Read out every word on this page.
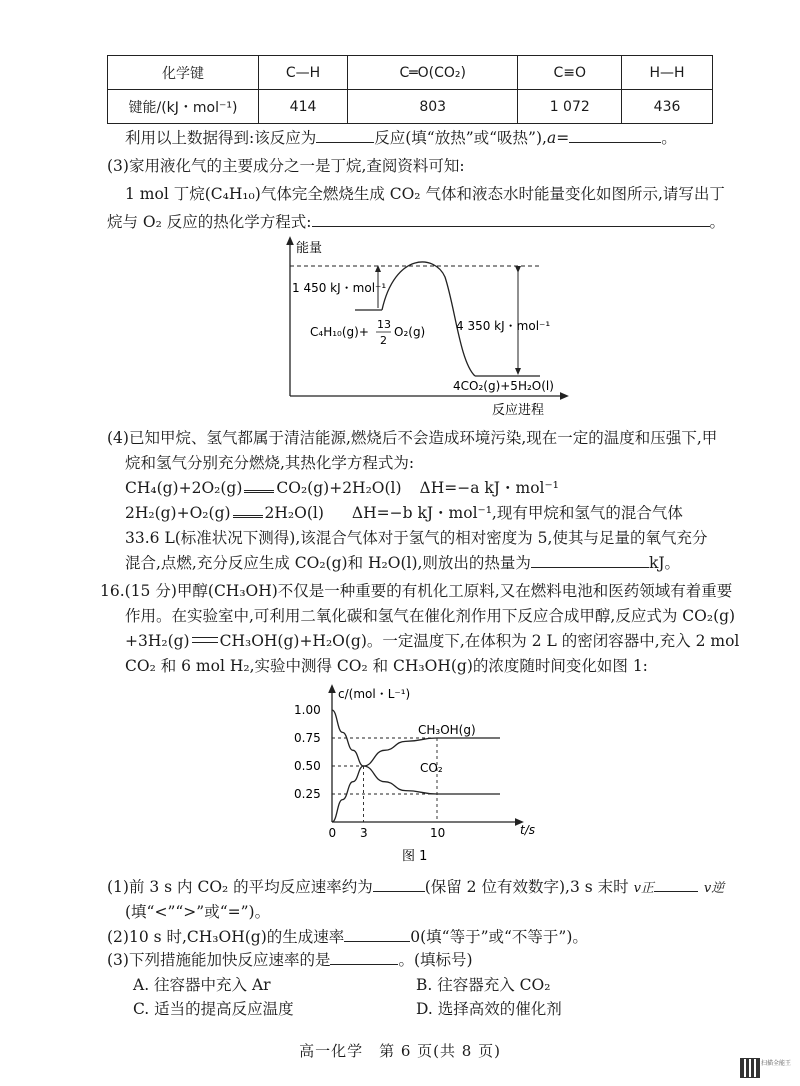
化学键	C—H	C═O(CO₂)	C≡O	H—H
键能/(kJ・mol⁻¹)	414	803	1 072	436
利用以上数据得到:该反应为	反应(填“放热”或“吸热”),a=	。
(3)家用液化气的主要成分之一是丁烷,查阅资料可知:
1 mol 丁烷(C₄H₁₀)气体完全燃烧生成 CO₂ 气体和液态水时能量变化如图所示,请写出丁
烷与 O₂ 反应的热化学方程式:	。
能量
反应进程
1 450 kJ・mol⁻¹
4 350 kJ・mol⁻¹
C₄H₁₀(g)+
13
2
O₂(g)
4CO₂(g)+5H₂O(l)
(4)已知甲烷、氢气都属于清洁能源,燃烧后不会造成环境污染,现在一定的温度和压强下,甲
烷和氢气分别充分燃烧,其热化学方程式为:
CH₄(g)+2O₂(g) CO₂(g)+2H₂O(l) ΔH=−a kJ・mol⁻¹
2H₂(g)+O₂(g) 2H₂O(l) ΔH=−b kJ・mol⁻¹,现有甲烷和氢气的混合气体
33.6 L(标准状况下测得),该混合气体对于氢气的相对密度为 5,使其与足量的氧气充分
混合,点燃,充分反应生成 CO₂(g)和 H₂O(l),则放出的热量为	kJ。
16.(15 分)甲醇(CH₃OH)不仅是一种重要的有机化工原料,又在燃料电池和医药领域有着重要
作用。在实验室中,可利用二氧化碳和氢气在催化剂作用下反应合成甲醇,反应式为 CO₂(g)
+3H₂(g) CH₃OH(g)+H₂O(g)。一定温度下,在体积为 2 L 的密闭容器中,充入 2 mol
CO₂ 和 6 mol H₂,实验中测得 CO₂ 和 CH₃OH(g)的浓度随时间变化如图 1:
c/(mol・L⁻¹)
t/s
0.25
0.50
0.75
1.00
0 3	10
CO₂
CH₃OH(g)
图 1
(1)前 3 s 内 CO₂ 的平均反应速率约为	(保留 2 位有效数字),3 s 末时 v正	v逆
(填“<”“>”或“=”)。
(2)10 s 时,CH₃OH(g)的生成速率	0(填“等于”或“不等于”)。
(3)下列措施能加快反应速率的是	。(填标号)
A. 往容器中充入 Ar	B. 往容器充入 CO₂
C. 适当的提高反应温度	D. 选择高效的催化剂
高一化学　第 6 页(共 8 页)
扫描全能王
